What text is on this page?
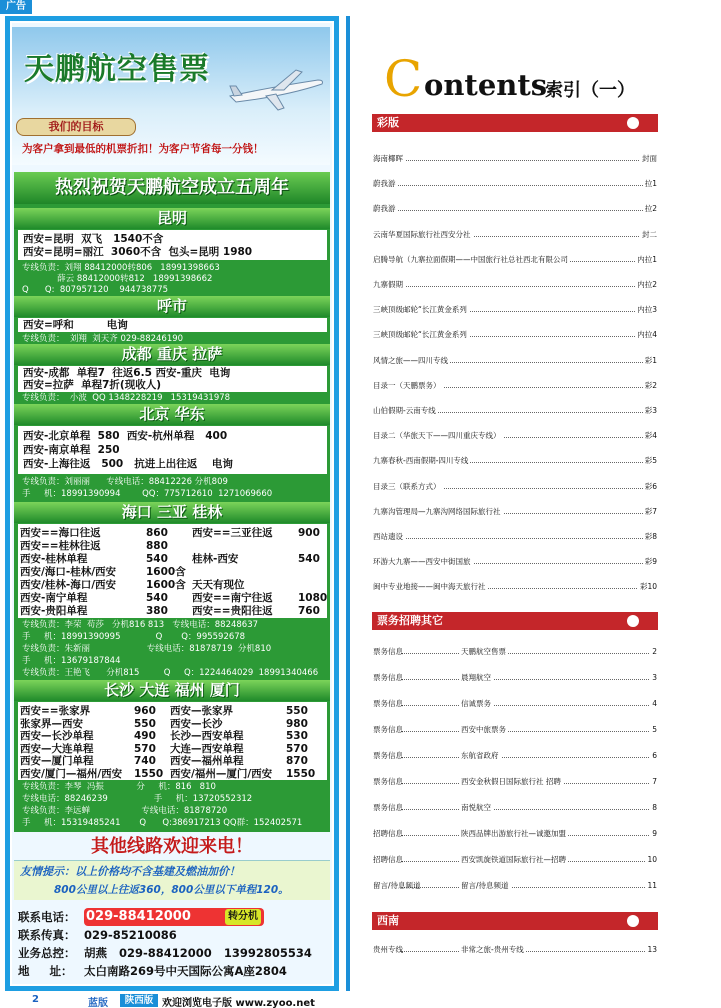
广告
天鹏航空售票
我们的目标
为客户拿到最低的机票折扣！为客户节省每一分钱！
热烈祝贺天鹏航空成立五周年
昆明
西安=昆明  双飞   1540不含
西安=昆明=丽江  3060不含  包头=昆明 1980
专线负责：刘翔 88412000转806   18991398663
薛云 88412000转812   18991398662
Q      Q:  807957120    944738775
呼市
西安=呼和         电询
专线负责：  刘翔  刘天齐 029-88246190
成都 重庆 拉萨
西安-成都  单程7  往返6.5 西安-重庆  电询
西安=拉萨  单程7折(现收人)
专线负责：  小波  QQ 1348228219   15319431978
北京 华东
西安-北京单程  580  西安-杭州单程   400
西安-南京单程  250
西安-上海往返   500   抗进上出往返    电询
专线负责：刘丽丽      专线电话：88412226 分机809
手     机：18991390994        QQ：775712610  1271069660
海口 三亚 桂林
专线负责：李荣  苟莎   分机816 813   专线电话：88248637
手     机：18991390995             Q       Q：995592678
专线负责：朱新丽                     专线电话：81878719  分机810
手     机：13679187844
专线负责：王艳飞      分机815         Q     Q：1224464029  18991340466
长沙 大连 福州 厦门
专线负责：李琴  冯振            分     机：816   810
专线电话：88246239                 手     机：13720552312
专线负责：李远蝉                   专线电话：81878720
手     机：15319485241       Q      Q:386917213 QQ群：152402571
其他线路欢迎来电！
友情提示：以上价格均不含基建及燃油加价！
800公里以上往返360，800公里以下单程120。
联系电话： 029-88412000	转分机
联系传真： 029-85210086
业务总控： 胡燕   029-88412000   13992805534
地     址： 太白南路269号中天国际公寓A座2804
2	蓝版	陕西版 欢迎浏览电子版 www.zyoo.net
C ontents
索引（一）
彩版
票务招聘其它
西南
西安==海口往返	860 西安==三亚往返 900
西安==桂林往返	880
西安-桂林单程	540 桂林-西安	540
西安/海口-桂林/西安	1600含
西安/桂林-海口/西安	1600含 天天有现位
西安-南宁单程	540 西安==南宁往返 1080
西安-贵阳单程	380 西安==贵阳往返 760
西安==张家界	960 西安—张家界	550
张家界—西安	550 西安—长沙	980
西安—长沙单程	490 长沙—西安单程	530
西安—大连单程	570 大连—西安单程	570
西安—厦门单程	740 西安—福州单程	870
西安/厦门—福州/西安 1550 西安/福州—厦门/西安 1550
海南椰晖	封面
蔚我游	拉1
蔚我游	拉2
云南华夏国际旅行社西安分社	封二
启腾导航（九寨拉面假期——中国旅行社总社西北有限公司	内拉1
九寨假期	内拉2
三峡顶级邮轮“长江黄金系列	内拉3
三峡顶级邮轮“长江黄金系列	内拉4
风情之旅——四川专线	彩1
目录一（天鹏票务）	彩2
山伯假期-云南专线	彩3
目录二（华旅天下——四川重庆专线）	彩4
九寨春秋-西南假期-四川专线	彩5
目录三（联系方式）	彩6
九寨沟管理局—九寨沟网络国际旅行社	彩7
西站遗设	彩8
环游大九寨——西安中街国旅	彩9
闽中专业地接——闽中海天旅行社	彩10
票务信息	天鹏航空售票	2
票务信息	晨翔航空	3
票务信息	信诚票务	4
票务信息	西安中旅票务	5
票务信息	东航省政府	6
票务信息	西安金秋假日国际旅行社 招聘	7
票务信息	南悦航空	8
招聘信息	陕西品牌出游旅行社—诚邀加盟	9
招聘信息	西安凯旋铁道国际旅行社—招聘	10
留言/待息频道	留言/待息频道	11
贵州专线	非常之旅-贵州专线	13
